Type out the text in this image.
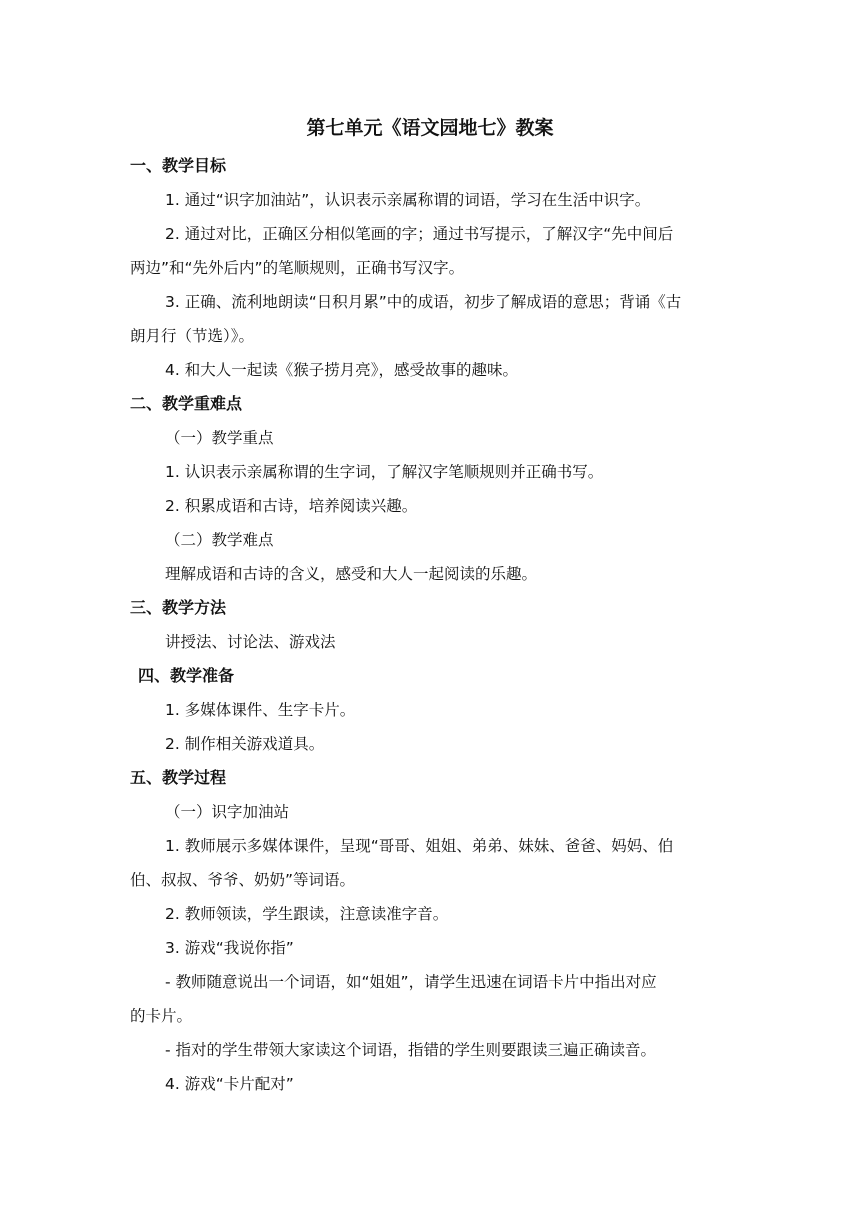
第七单元《语文园地七》教案
一、教学目标
1. 通过“识字加油站”，认识表示亲属称谓的词语，学习在生活中识字。
2. 通过对比，正确区分相似笔画的字；通过书写提示，了解汉字“先中间后
两边”和“先外后内”的笔顺规则，正确书写汉字。
3. 正确、流利地朗读“日积月累”中的成语，初步了解成语的意思；背诵《古
朗月行（节选）》。
4. 和大人一起读《猴子捞月亮》，感受故事的趣味。
二、教学重难点
（一）教学重点
1. 认识表示亲属称谓的生字词，了解汉字笔顺规则并正确书写。
2. 积累成语和古诗，培养阅读兴趣。
（二）教学难点
理解成语和古诗的含义，感受和大人一起阅读的乐趣。
三、教学方法
讲授法、讨论法、游戏法
四、教学准备
1. 多媒体课件、生字卡片。
2. 制作相关游戏道具。
五、教学过程
（一）识字加油站
1. 教师展示多媒体课件，呈现“哥哥、姐姐、弟弟、妹妹、爸爸、妈妈、伯
伯、叔叔、爷爷、奶奶”等词语。
2. 教师领读，学生跟读，注意读准字音。
3. 游戏“我说你指”
- 教师随意说出一个词语，如“姐姐”，请学生迅速在词语卡片中指出对应
的卡片。
- 指对的学生带领大家读这个词语，指错的学生则要跟读三遍正确读音。
4. 游戏“卡片配对”
